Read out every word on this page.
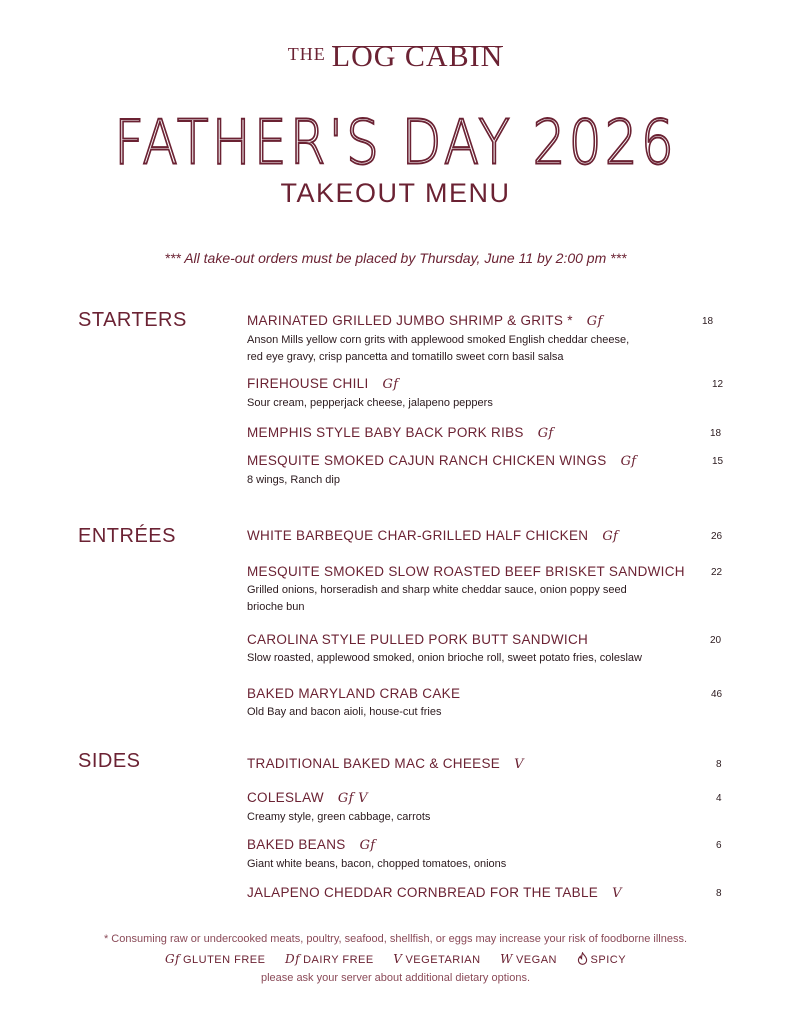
THE LOG CABIN
FATHER'S DAY 2026
TAKEOUT MENU
*** All take-out orders must be placed by Thursday, June 11 by 2:00 pm ***
STARTERS
ENTRÉES
SIDES
MARINATED GRILLED JUMBO SHRIMP & GRITS * Gf
Anson Mills yellow corn grits with applewood smoked English cheddar cheese, red eye gravy, crisp pancetta and tomatillo sweet corn basil salsa
18
FIREHOUSE CHILI Gf
Sour cream, pepperjack cheese, jalapeno peppers
12
MEMPHIS STYLE BABY BACK PORK RIBS Gf	18
MESQUITE SMOKED CAJUN RANCH CHICKEN WINGS Gf
8 wings, Ranch dip
15
WHITE BARBEQUE CHAR-GRILLED HALF CHICKEN Gf	26
MESQUITE SMOKED SLOW ROASTED BEEF BRISKET SANDWICH
Grilled onions, horseradish and sharp white cheddar sauce, onion poppy seed brioche bun
22
CAROLINA STYLE PULLED PORK BUTT SANDWICH
Slow roasted, applewood smoked, onion brioche roll, sweet potato fries, coleslaw
20
BAKED MARYLAND CRAB CAKE
Old Bay and bacon aioli, house-cut fries
46
TRADITIONAL BAKED MAC & CHEESE V	8
COLESLAW Gf V
Creamy style, green cabbage, carrots
4
BAKED BEANS Gf
Giant white beans, bacon, chopped tomatoes, onions
6
JALAPENO CHEDDAR CORNBREAD FOR THE TABLE V	8
* Consuming raw or undercooked meats, poultry, seafood, shellfish, or eggs may increase your risk of foodborne illness.
Gf GLUTEN FREE Df DAIRY FREE V VEGETARIAN W VEGAN	SPICY
please ask your server about additional dietary options.
